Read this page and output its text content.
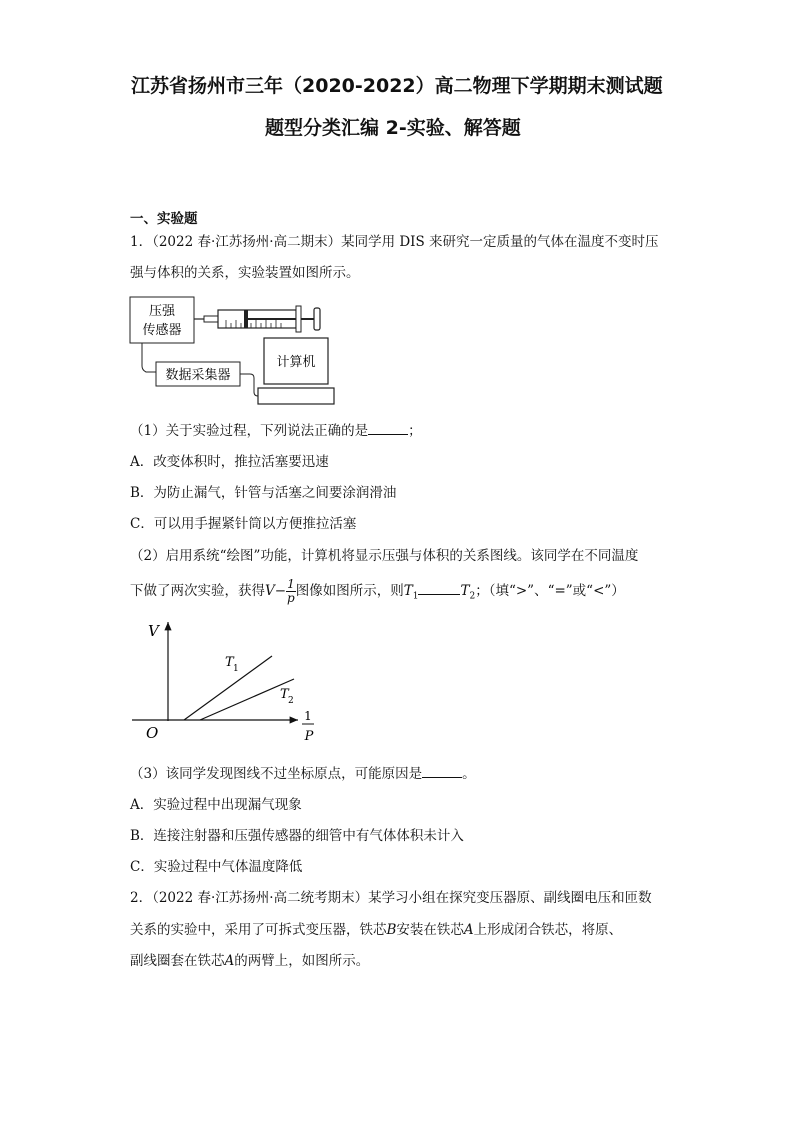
江苏省扬州市三年（2020-2022）高二物理下学期期末测试题
题型分类汇编 2-实验、解答题
一、实验题
1．（2022 春·江苏扬州·高二期末）某同学用 DIS 来研究一定质量的气体在温度不变时压
强与体积的关系，实验装置如图所示。
压强
传感器
数据采集器
计算机
（1）关于实验过程，下列说法正确的是	；
A．改变体积时，推拉活塞要迅速
B．为防止漏气，针管与活塞之间要涂润滑油
C．可以用手握紧针筒以方便推拉活塞
（2）启用系统“绘图”功能，计算机将显示压强与体积的关系图线。该同学在不同温度
下做了两次实验，获得$V- \frac{1}{p}$ 图像如图所示，则$T_1$	$T_2$；（填“>”、“=”或“<”）
V
O
T 1
T 2
1
P
（3）该同学发现图线不过坐标原点，可能原因是	。
A．实验过程中出现漏气现象
B．连接注射器和压强传感器的细管中有气体体积未计入
C．实验过程中气体温度降低
2．（2022 春·江苏扬州·高二统考期末）某学习小组在探究变压器原、副线圈电压和匝数
关系的实验中，采用了可拆式变压器，铁芯B安装在铁芯A上形成闭合铁芯，将原、
副线圈套在铁芯A的两臂上，如图所示。
